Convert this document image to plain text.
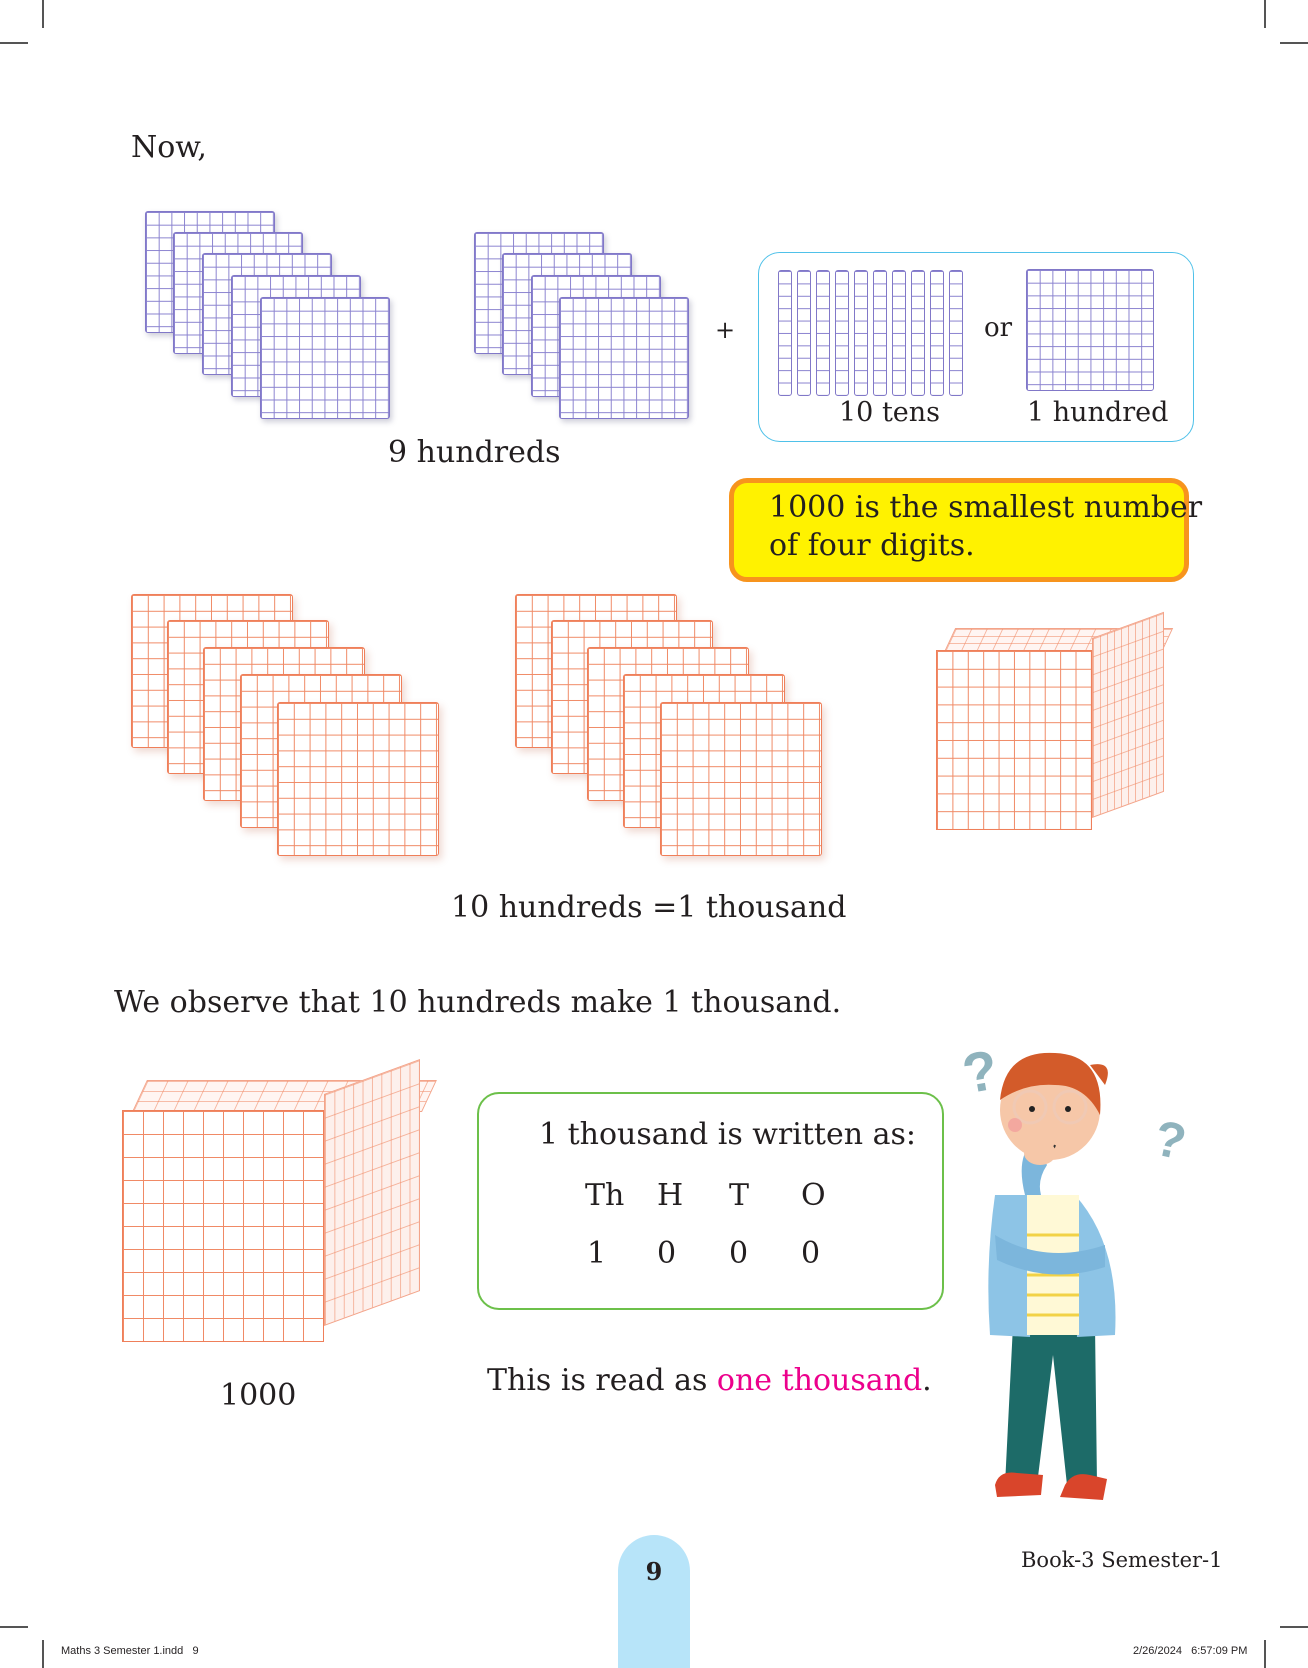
Now,
9 hundreds
+	or
10 tens	1 hundred
1000 is the smallest number
of four digits.
10 hundreds =1 thousand
We observe that 10 hundreds make 1 thousand.
1000
1 thousand is written as:
Th H T O
1 0 0 0
This is read as one thousand.
?
?
9	Book-3 Semester-1
Maths 3 Semester 1.indd   9	2/26/2024   6:57:09 PM
